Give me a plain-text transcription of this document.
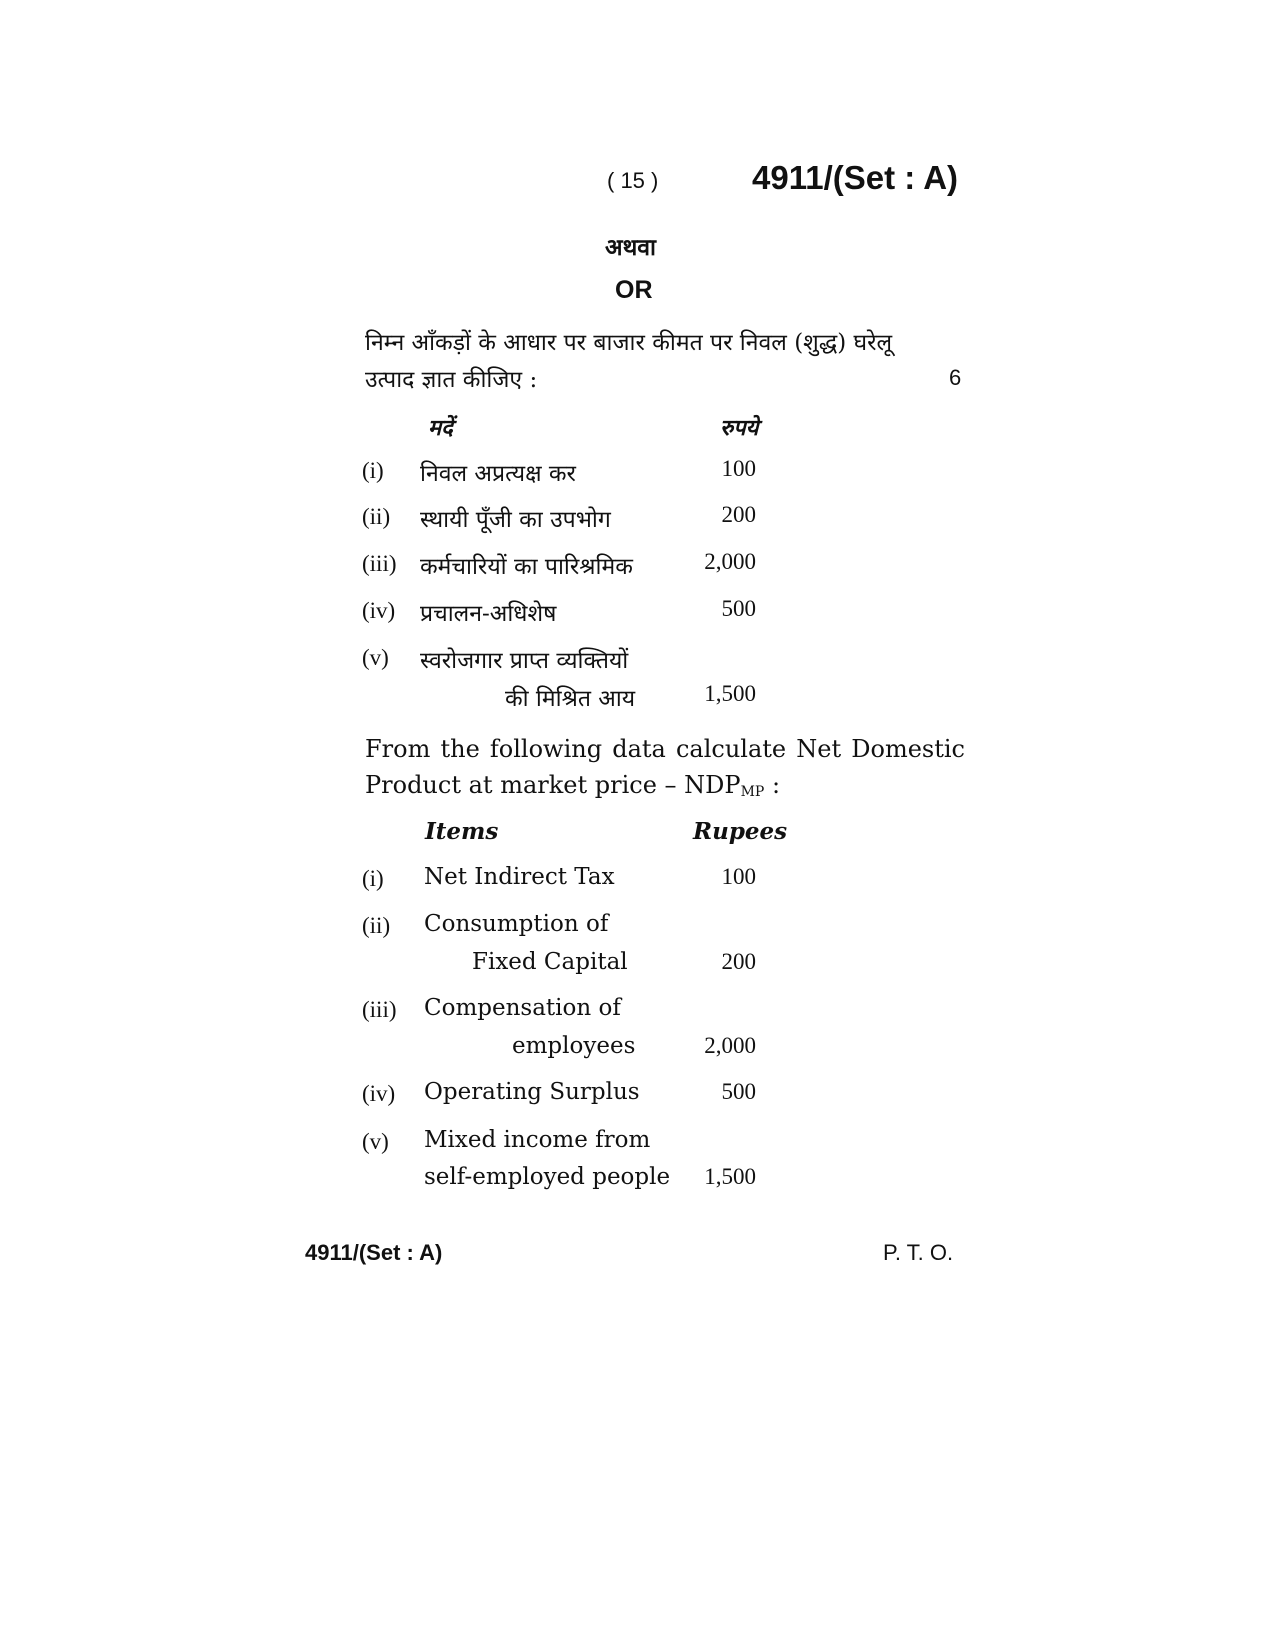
( 15 )	4911/(Set : A)
अथवा
OR
निम्न आँकड़ों के आधार पर बाजार कीमत पर निवल (शुद्ध) घरेलू
उत्पाद ज्ञात कीजिए :	6
मदें	रुपये
(i) निवल अप्रत्यक्ष कर	100
(ii) स्थायी पूँजी का उपभोग	200
(iii) कर्मचारियों का पारिश्रमिक	2,000
(iv) प्रचालन-अधिशेष	500
(v) स्वरोजगार प्राप्त व्यक्तियों
की मिश्रित आय	1,500
From the following data calculate Net Domestic
Product at market price – $NDP_{MP}$ :
Items	Rupees
(i) Net Indirect Tax	100
(ii) Consumption of
Fixed Capital	200
(iii) Compensation of
employees	2,000
(iv) Operating Surplus	500
(v) Mixed income from
self-employed people	1,500
4911/(Set : A)	P. T. O.
